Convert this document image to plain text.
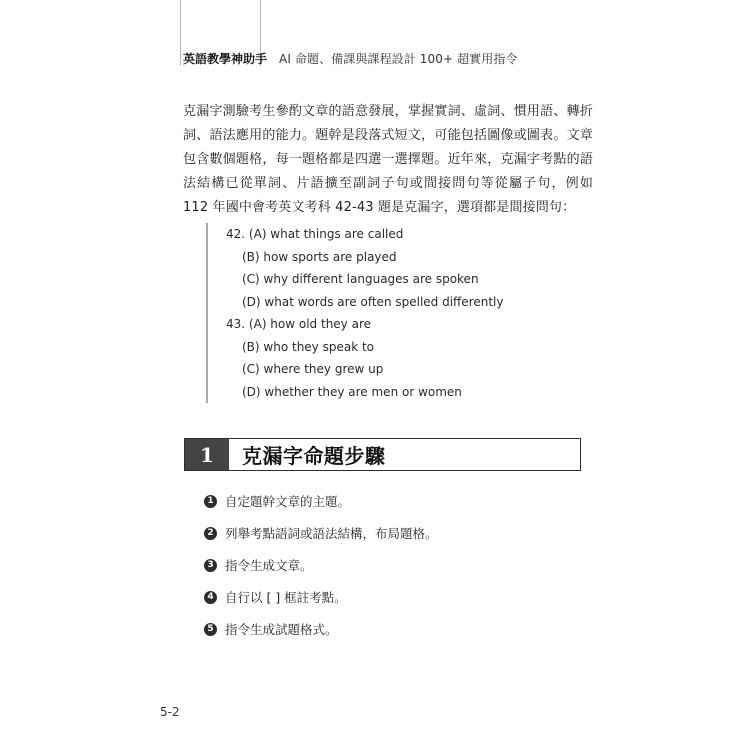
英語教學神助手 AI 命題、備課與課程設計 100+ 超實用指令
克漏字測驗考生參酌文章的語意發展，掌握實詞、虛詞、慣用語、轉折詞、語法應用的能力。題幹是段落式短文，可能包括圖像或圖表。文章包含數個題格，每一題格都是四選一選擇題。近年來，克漏字考點的語法結構已從單詞、片語擴至副詞子句或間接問句等從屬子句，例如 112 年國中會考英文考科 42-43 題是克漏字，選項都是間接問句：
42. (A) what things are called
(B) how sports are played
(C) why different languages are spoken
(D) what words are often spelled differently
43. (A) how old they are
(B) who they speak to
(C) where they grew up
(D) whether they are men or women
1	克漏字命題步驟
1 自定題幹文章的主題。
2 列舉考點語詞或語法結構，布局題格。
3 指令生成文章。
4 自行以 [ ] 框註考點。
5 指令生成試題格式。
5-2
